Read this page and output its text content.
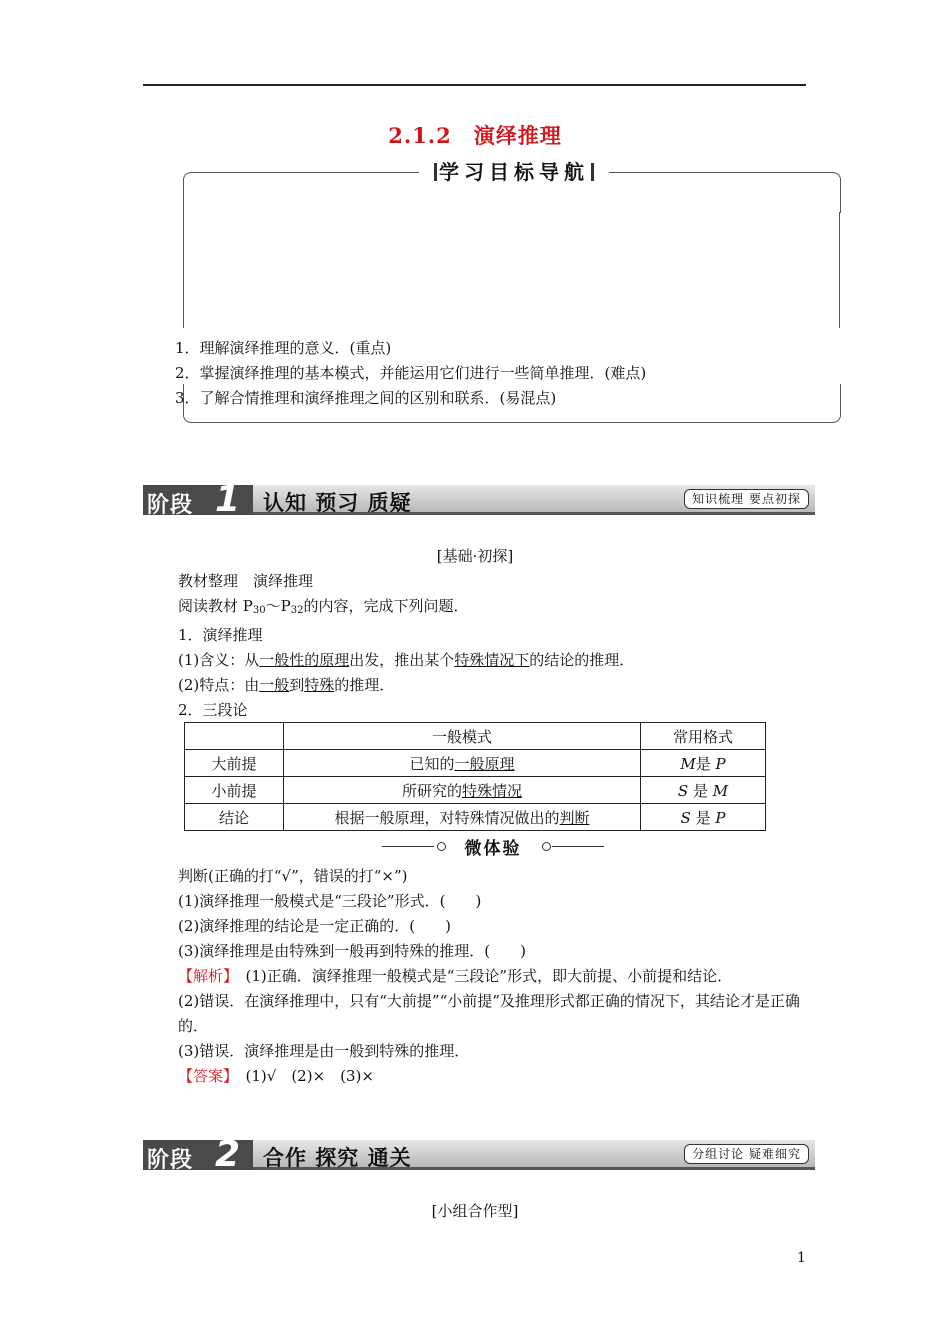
2.1.2　演绎推理
学习目标导航
1．理解演绎推理的意义．(重点)
2．掌握演绎推理的基本模式，并能运用它们进行一些简单推理．(难点)
3．了解合情推理和演绎推理之间的区别和联系．(易混点)
阶段 1 认知 预习 质疑	知识梳理 要点初探
[基础·初探]
教材整理　演绎推理
阅读教材 $P_{30}\sim P_{32}$的内容，完成下列问题．
1．演绎推理
(1)含义：从一般性的原理出发，推出某个特殊情况下的结论的推理．
(2)特点：由一般到特殊的推理．
2．三段论
	一般模式	常用格式
大前提	已知的一般原理	M是 P
小前提	所研究的特殊情况	S 是 M
结论	根据一般原理，对特殊情况做出的判断	S 是 P
微体验
判断(正确的打“√”，错误的打“×”)
(1)演绎推理一般模式是“三段论”形式．(　　)
(2)演绎推理的结论是一定正确的．(　　)
(3)演绎推理是由特殊到一般再到特殊的推理．(　　)
【解析】　(1)正确．演绎推理一般模式是“三段论”形式，即大前提、小前提和结论．
(2)错误．在演绎推理中，只有“大前提”“小前提”及推理形式都正确的情况下，其结论才是正确的．
(3)错误．演绎推理是由一般到特殊的推理．
【答案】　(1)√　(2)×　(3)×
阶段 2 合作 探究 通关	分组讨论 疑难细究
[小组合作型]
1
